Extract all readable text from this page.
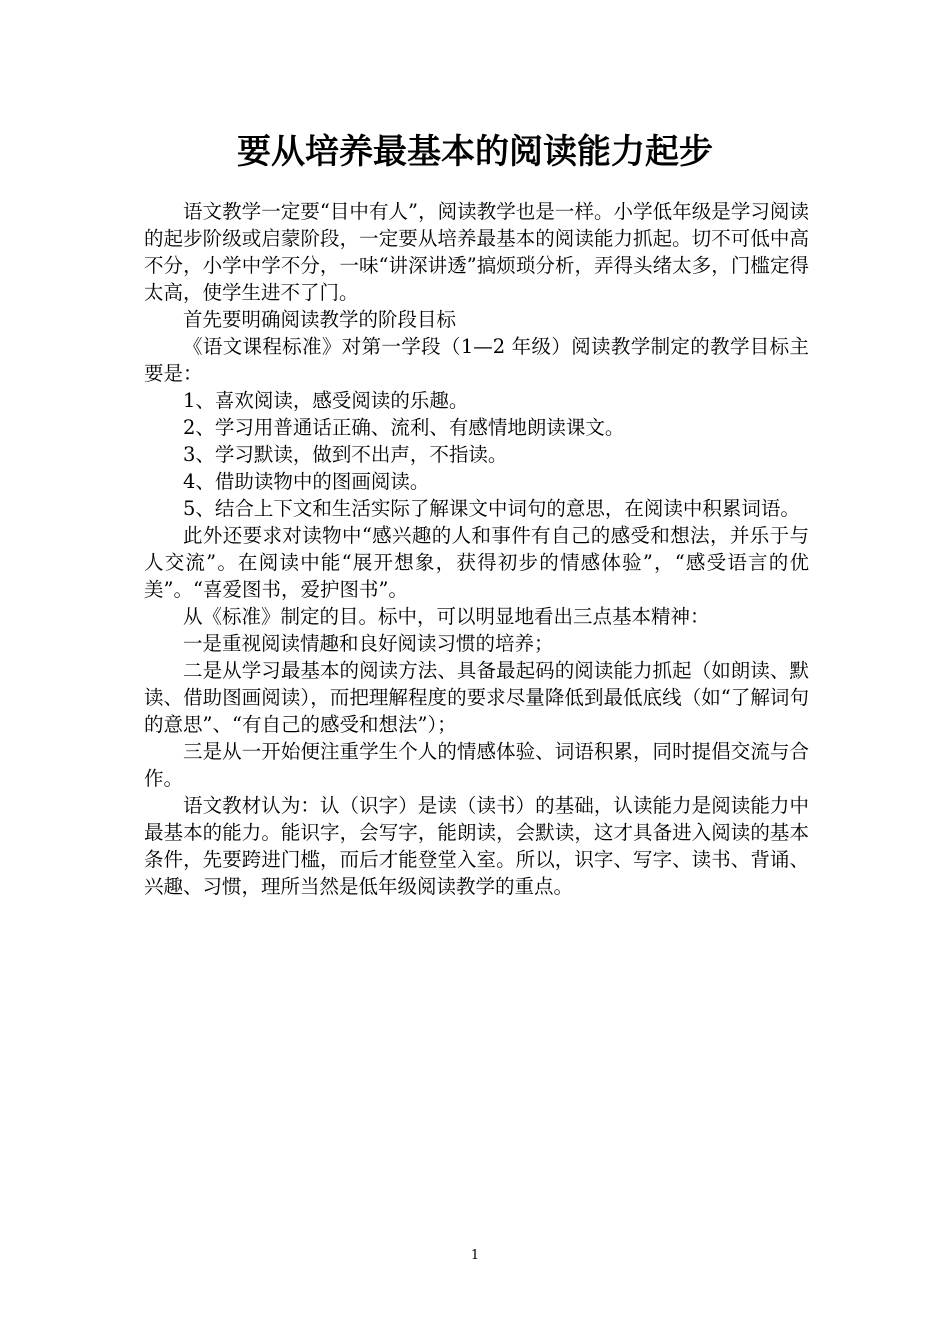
要从培养最基本的阅读能力起步

语文教学一定要“目中有人”，阅读教学也是一样。小学低年级是学习阅读的起步阶级或启蒙阶段，一定要从培养最基本的阅读能力抓起。切不可低中高不分，小学中学不分，一味“讲深讲透”搞烦琐分析，弄得头绪太多，门槛定得太高，使学生进不了门。

首先要明确阅读教学的阶段目标

《语文课程标准》对第一学段（1—2 年级）阅读教学制定的教学目标主要是：

1、喜欢阅读，感受阅读的乐趣。

2、学习用普通话正确、流利、有感情地朗读课文。

3、学习默读，做到不出声，不指读。

4、借助读物中的图画阅读。

5、结合上下文和生活实际了解课文中词句的意思，在阅读中积累词语。

此外还要求对读物中“感兴趣的人和事件有自己的感受和想法，并乐于与人交流”。在阅读中能“展开想象，获得初步的情感体验”，“感受语言的优美”。“喜爱图书，爱护图书”。

从《标准》制定的目。标中，可以明显地看出三点基本精神：

一是重视阅读情趣和良好阅读习惯的培养；

二是从学习最基本的阅读方法、具备最起码的阅读能力抓起（如朗读、默读、借助图画阅读），而把理解程度的要求尽量降低到最低底线（如“了解词句的意思”、“有自己的感受和想法”）；

三是从一开始便注重学生个人的情感体验、词语积累，同时提倡交流与合作。

语文教材认为：认（识字）是读（读书）的基础，认读能力是阅读能力中最基本的能力。能识字，会写字，能朗读，会默读，这才具备进入阅读的基本条件，先要跨进门槛，而后才能登堂入室。所以，识字、写字、读书、背诵、兴趣、习惯，理所当然是低年级阅读教学的重点。

1
